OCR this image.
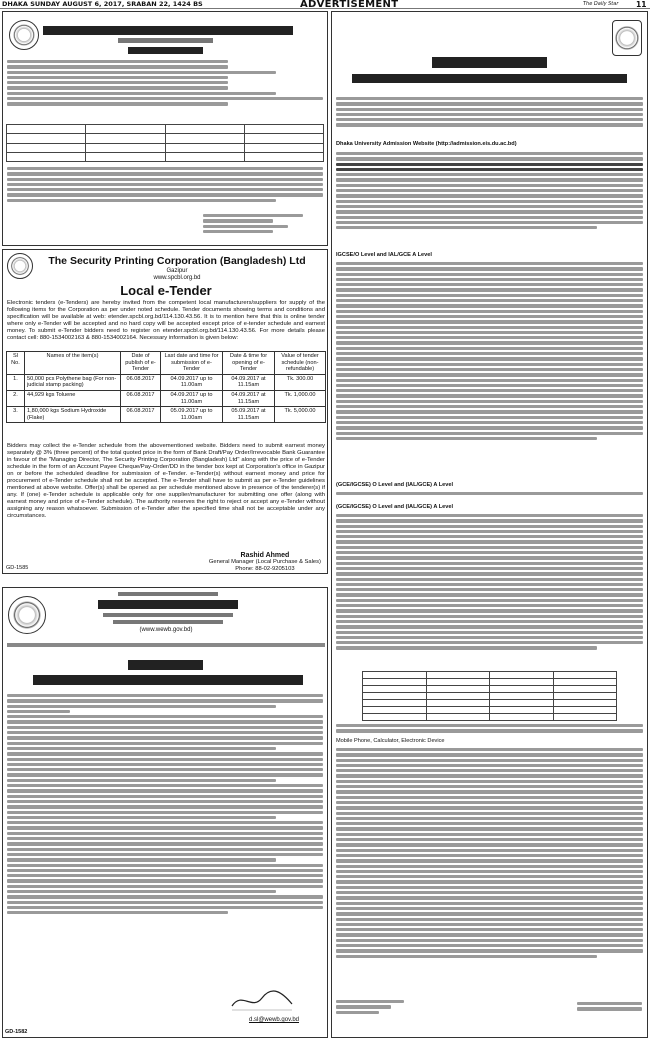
DHAKA SUNDAY AUGUST 6, 2017, SRABAN 22, 1424 BS	ADVERTISEMENT	The Daily Star 11

The Security Printing Corporation (Bangladesh) Ltd
Gazipur
www.spcbl.org.bd
Local e-Tender
Electronic tenders (e-Tenders) are hereby invited from the competent local manufacturers/suppliers for supply of the following items for the Corporation as per under noted schedule. Tender documents showing terms and conditions and specification will be available at web: etender.spcbl.org.bd/114.130.43.56. It is to mention here that this is online tender where only e-Tender will be accepted and no hard copy will be accepted except price of e-tender schedule and earnest money. To submit e-Tender bidders need to register on etender.spcbl.org.bd/114.130.43.56. For more details please contact cell: 880-1534002163 & 880-1534002164. Necessary information is given below:
Sl No.	Names of the item(s)	Date of publish of e-Tender	Last date and time for submission of e-Tender	Date & time for opening of e-Tender	Value of tender schedule (non-refundable)
1.	50,000 pcs Polythene bag (For non-judicial stamp packing)	06.08.2017	04.09.2017 up to 11.00am	04.09.2017 at 11.15am	Tk. 300.00
2.	44,929 kgs Toluene	06.08.2017	04.09.2017 up to 11.00am	04.09.2017 at 11.15am	Tk. 1,000.00
3.	1,80,000 kgs Sodium Hydroxide (Flake)	06.08.2017	05.09.2017 up to 11.00am	05.09.2017 at 11.15am	Tk. 5,000.00
Bidders may collect the e-Tender schedule from the abovementioned website. Bidders need to submit earnest money separately @ 3% (three percent) of the total quoted price in the form of Bank Draft/Pay Order/Irrevocable Bank Guarantee in favour of the "Managing Director, The Security Printing Corporation (Bangladesh) Ltd" along with the price of e-Tender schedule in the form of an Account Payee Cheque/Pay-Order/DD in the tender box kept at Corporation's office in Gazipur on or before the scheduled deadline for submission of e-Tender. e-Tender(s) without earnest money and price for procurement of e-Tender schedule shall not be accepted. The e-Tender shall have to submit as per e-Tender guidelines mentioned at above website. Offer(s) shall be opened as per schedule mentioned above in presence of the tenderer(s) if any. If (one) e-Tender schedule is applicable only for one supplier/manufacturer for submitting one offer (along with earnest money and price of e-Tender schedule). The authority reserves the right to reject or accept any e-Tender without assigning any reason whatsoever. Submission of e-Tender after the specified time shall not be acceptable under any circumstances.
Rashid Ahmed
General Manager (Local Purchase & Sales)
Phone: 88-02-9205103
GD-1585
(www.wewb.gov.bd)
d.sl@wewb.gov.bd
GD-1582
Dhaka University Admission Website (http://admission.eis.du.ac.bd)
IGCSE/O Level and IAL/GCE A Level
(GCE/IGCSE) O Level and (IAL/GCE) A Level
(GCE/IGCSE) O Level and (IAL/GCE) A Level

Mobile Phone, Calculator, Electronic Device
